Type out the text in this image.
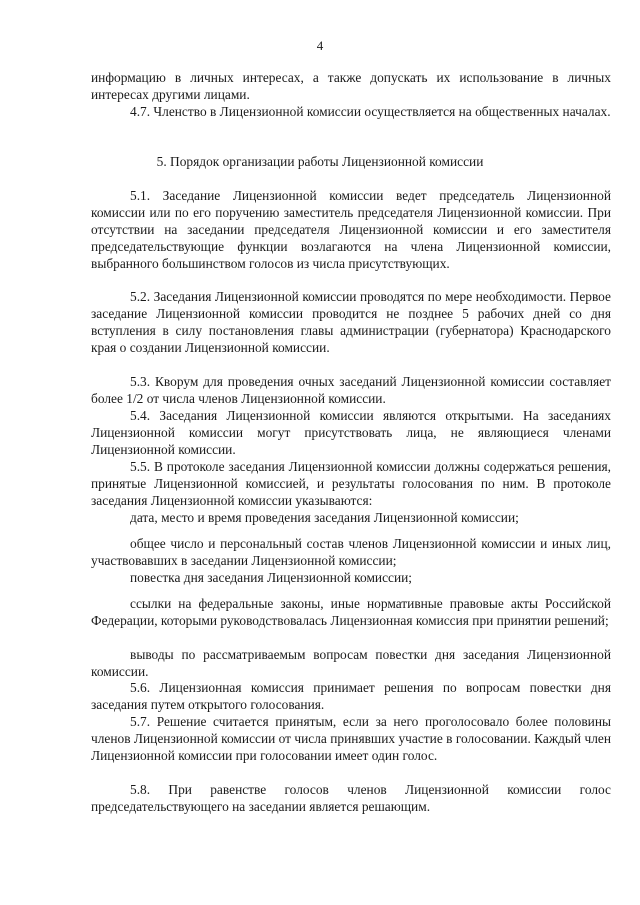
4

информацию в личных интересах, а также допускать их использование в личных интересах другими лицами.

4.7. Членство в Лицензионной комиссии осуществляется на общественных началах.

5. Порядок организации работы Лицензионной комиссии

5.1. Заседание Лицензионной комиссии ведет председатель Лицензионной комиссии или по его поручению заместитель председателя Лицензионной комиссии. При отсутствии на заседании председателя Лицензионной комиссии и его заместителя председательствующие функции возлагаются на члена Лицензионной комиссии, выбранного большинством голосов из числа присутствующих.

5.2. Заседания Лицензионной комиссии проводятся по мере необходимости. Первое заседание Лицензионной комиссии проводится не позднее 5 рабочих дней со дня вступления в силу постановления главы администрации (губернатора) Краснодарского края о создании Лицензионной комиссии.

5.3. Кворум для проведения очных заседаний Лицензионной комиссии составляет более 1/2 от числа членов Лицензионной комиссии.

5.4. Заседания Лицензионной комиссии являются открытыми. На заседаниях Лицензионной комиссии могут присутствовать лица, не являющиеся членами Лицензионной комиссии.

5.5. В протоколе заседания Лицензионной комиссии должны содержаться решения, принятые Лицензионной комиссией, и результаты голосования по ним. В протоколе заседания Лицензионной комиссии указываются:

дата, место и время проведения заседания Лицензионной комиссии;

общее число и персональный состав членов Лицензионной комиссии и иных лиц, участвовавших в заседании Лицензионной комиссии;

повестка дня заседания Лицензионной комиссии;

ссылки на федеральные законы, иные нормативные правовые акты Российской Федерации, которыми руководствовалась Лицензионная комиссия при принятии решений;

выводы по рассматриваемым вопросам повестки дня заседания Лицензионной комиссии.

5.6. Лицензионная комиссия принимает решения по вопросам повестки дня заседания путем открытого голосования.

5.7. Решение считается принятым, если за него проголосовало более половины членов Лицензионной комиссии от числа принявших участие в голосовании. Каждый член Лицензионной комиссии при голосовании имеет один голос.

5.8. При равенстве голосов членов Лицензионной комиссии голос председательствующего на заседании является решающим.
